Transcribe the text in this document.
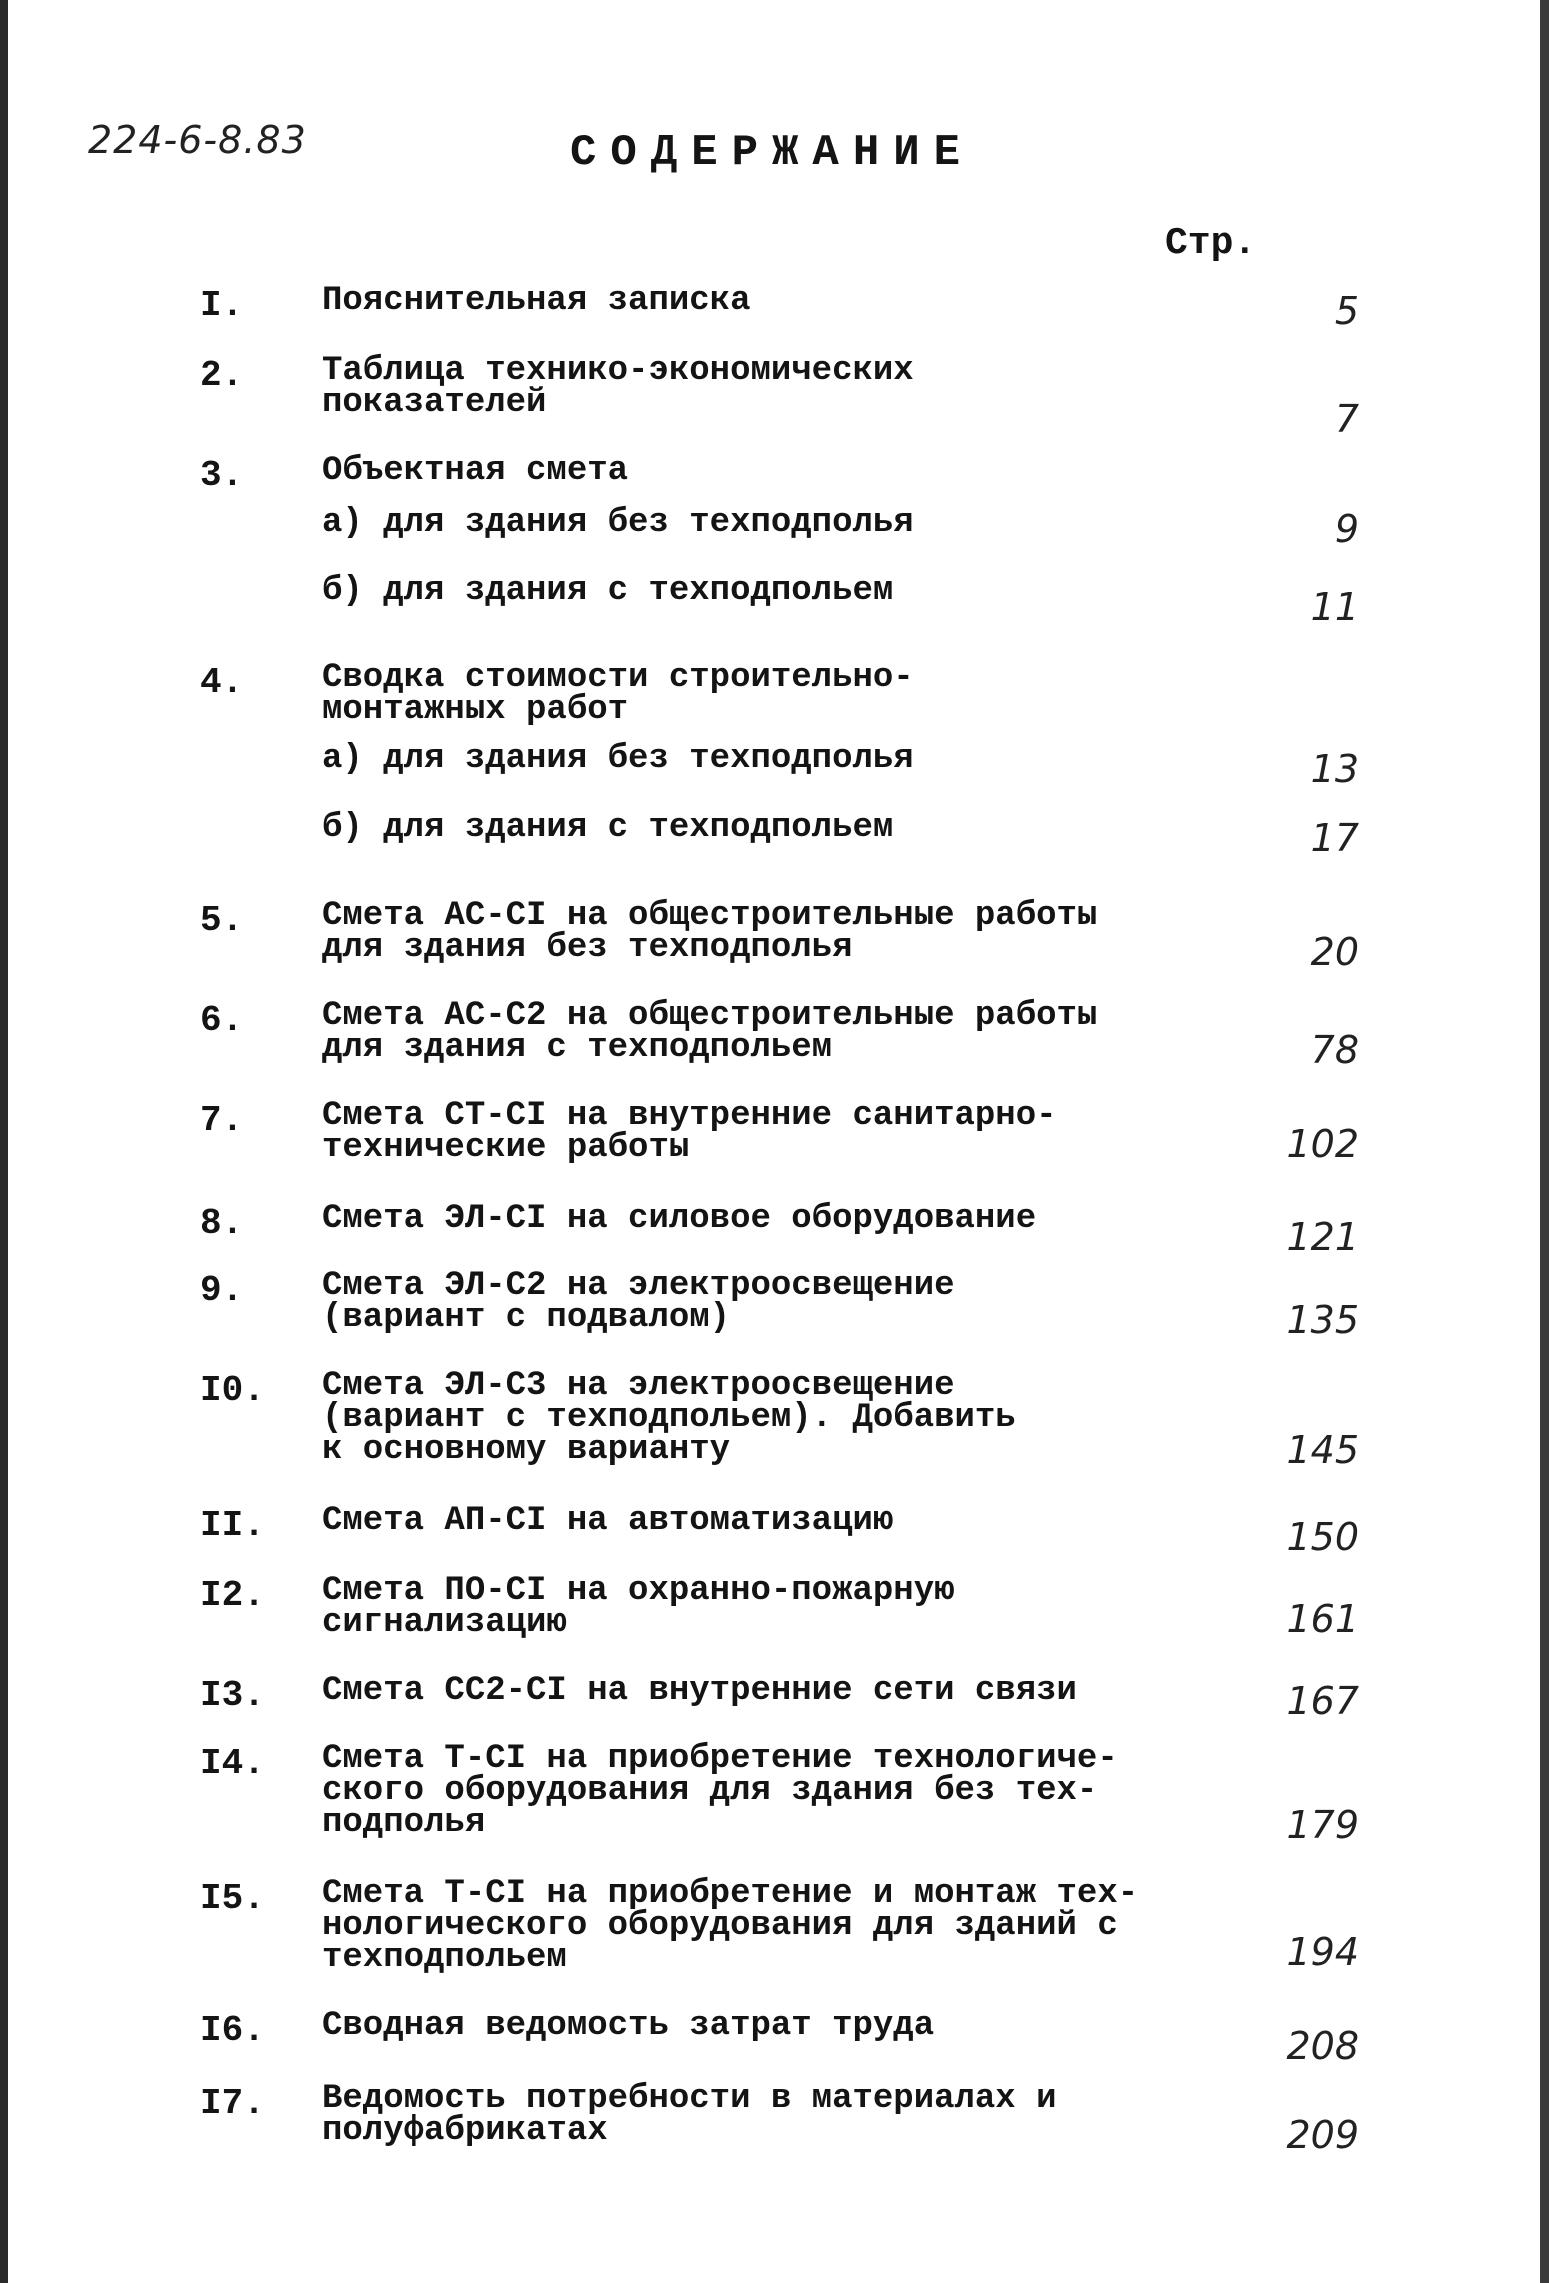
224-6-8.83	СОДЕРЖАНИЕ
Стр.
I. Пояснительная записка	5
2. Таблица технико-экономических
показателей	7
3. Объектная смета
а) для здания без техподполья	9
б) для здания с техподпольем	11
4. Сводка стоимости строительно-
монтажных работ
а) для здания без техподполья	13
б) для здания с техподпольем	17
5. Смета АС-СI на общестроительные работы
для здания без техподполья	20
6. Смета АС-С2 на общестроительные работы
для здания с техподпольем	78
7. Смета СТ-СI на внутренние санитарно-
технические работы	102
8. Смета ЭЛ-СI на силовое оборудование	121
9. Смета ЭЛ-С2 на электроосвещение
(вариант с подвалом)	135
I0. Смета ЭЛ-С3 на электроосвещение
(вариант с техподпольем). Добавить
к основному варианту	145
II. Смета АП-СI на автоматизацию	150
I2. Смета ПО-СI на охранно-пожарную
сигнализацию	161
I3. Смета СС2-СI на внутренние сети связи	167
I4. Смета Т-СI на приобретение технологиче-
ского оборудования для здания без тех-
подполья	179
I5. Смета Т-СI на приобретение и монтаж тех-
нологического оборудования для зданий с
техподпольем	194
I6. Сводная ведомость затрат труда	208
I7. Ведомость потребности в материалах и
полуфабрикатах	209
